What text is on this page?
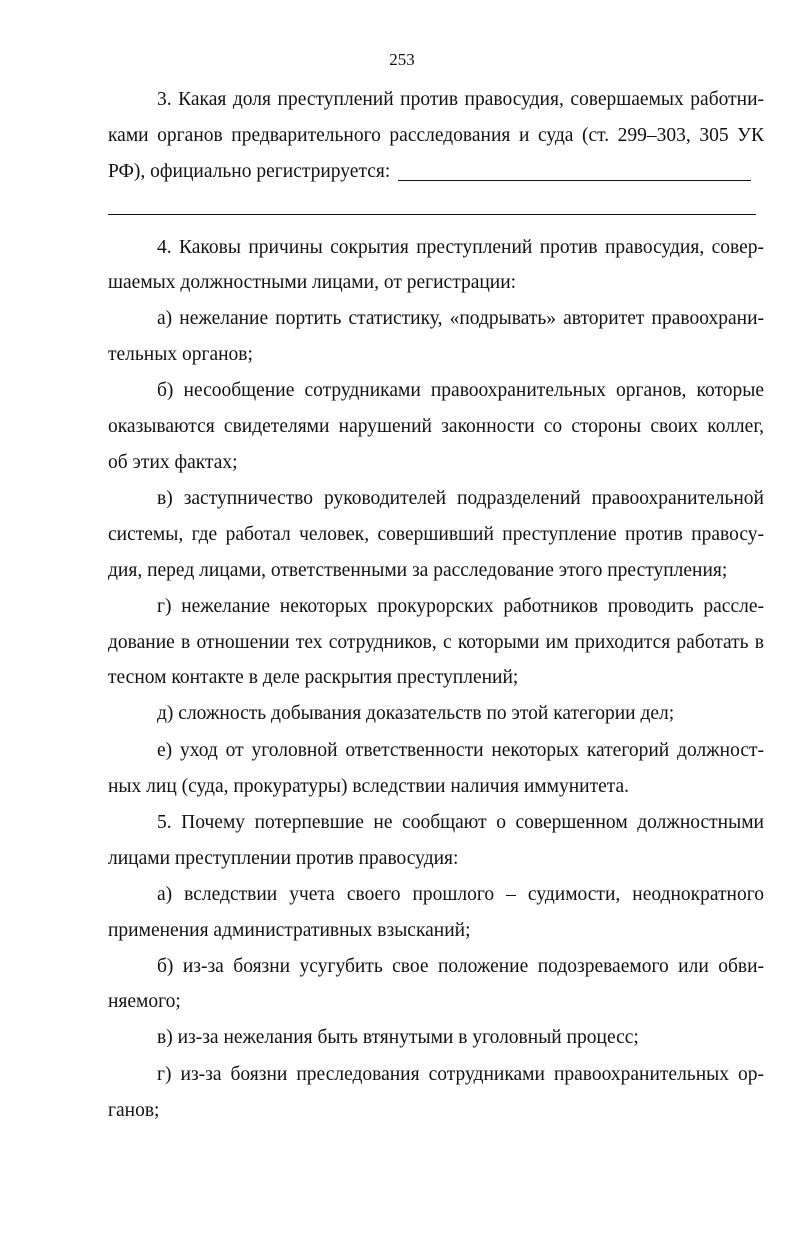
253
3. Какая доля преступлений против правосудия, совершаемых работни-
ками органов предварительного расследования и суда (ст. 299–303, 305 УК
РФ), официально регистрируется:
4. Каковы причины сокрытия преступлений против правосудия, совер-
шаемых должностными лицами, от регистрации:
а) нежелание портить статистику, «подрывать» авторитет правоохрани-
тельных органов;
б) несообщение сотрудниками правоохранительных органов, которые
оказываются свидетелями нарушений законности со стороны своих коллег,
об этих фактах;
в) заступничество руководителей подразделений правоохранительной
системы, где работал человек, совершивший преступление против правосу-
дия, перед лицами, ответственными за расследование этого преступления;
г) нежелание некоторых прокурорских работников проводить рассле-
дование в отношении тех сотрудников, с которыми им приходится работать в
тесном контакте в деле раскрытия преступлений;
д) сложность добывания доказательств по этой категории дел;
е) уход от уголовной ответственности некоторых категорий должност-
ных лиц (суда, прокуратуры) вследствии наличия иммунитета.
5. Почему потерпевшие не сообщают о совершенном должностными
лицами преступлении против правосудия:
а) вследствии учета своего прошлого – судимости, неоднократного
применения административных взысканий;
б) из-за боязни усугубить свое положение подозреваемого или обви-
няемого;
в) из-за нежелания быть втянутыми в уголовный процесс;
г) из-за боязни преследования сотрудниками правоохранительных ор-
ганов;
